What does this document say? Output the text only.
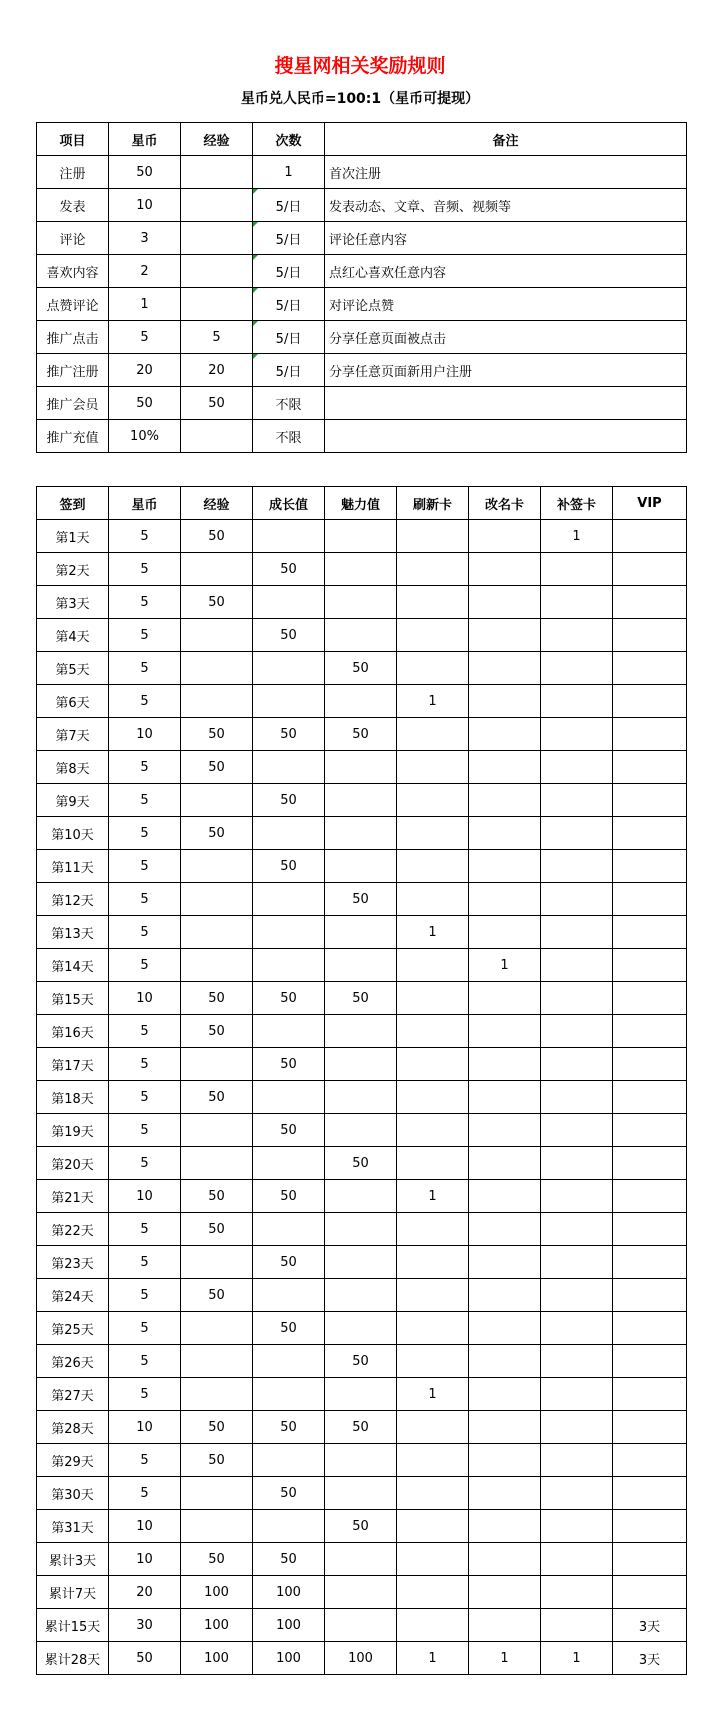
搜星网相关奖励规则
星币兑人民币=100:1（星币可提现）
项目	星币	经验	次数	备注
注册	50		1	首次注册
发表	10		5/日	发表动态、文章、音频、视频等
评论	3		5/日	评论任意内容
喜欢内容	2		5/日	点红心喜欢任意内容
点赞评论	1		5/日	对评论点赞
推广点击	5	5	5/日	分享任意页面被点击
推广注册	20	20	5/日	分享任意页面新用户注册
推广会员	50	50	不限	
推广充值	10%		不限	
签到	星币	经验	成长值	魅力值	刷新卡	改名卡	补签卡	VIP
第1天	5	50					1	
第2天	5		50					
第3天	5	50						
第4天	5		50					
第5天	5			50				
第6天	5				1			
第7天	10	50	50	50				
第8天	5	50						
第9天	5		50					
第10天	5	50						
第11天	5		50					
第12天	5			50				
第13天	5				1			
第14天	5					1		
第15天	10	50	50	50				
第16天	5	50						
第17天	5		50					
第18天	5	50						
第19天	5		50					
第20天	5			50				
第21天	10	50	50		1			
第22天	5	50						
第23天	5		50					
第24天	5	50						
第25天	5		50					
第26天	5			50				
第27天	5				1			
第28天	10	50	50	50				
第29天	5	50						
第30天	5		50					
第31天	10			50				
累计3天	10	50	50					
累计7天	20	100	100					
累计15天	30	100	100					3天
累计28天	50	100	100	100	1	1	1	3天
